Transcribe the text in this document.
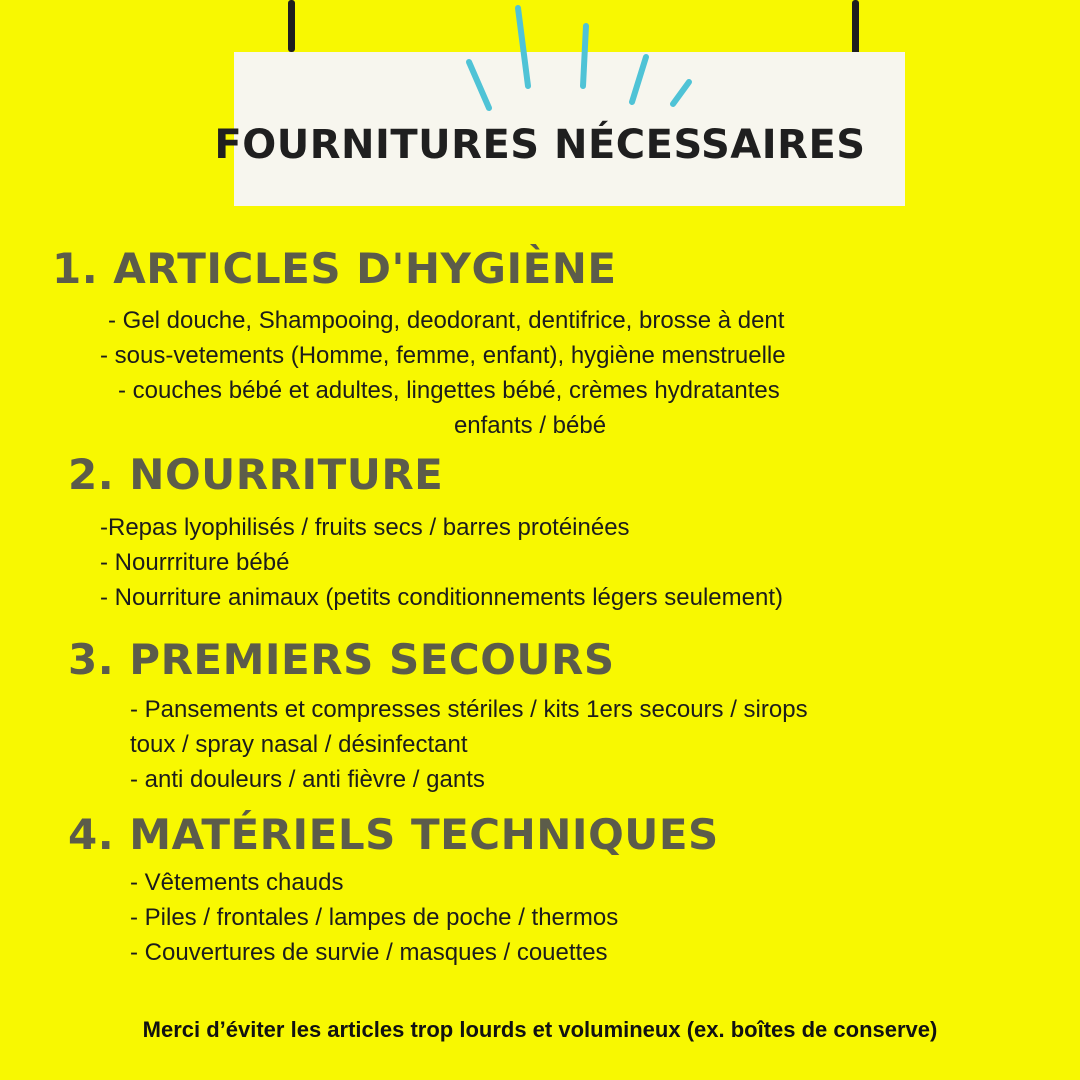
FOURNITURES NÉCESSAIRES
1. ARTICLES D'HYGIÈNE
- Gel douche, Shampooing, deodorant, dentifrice, brosse à dent
- sous-vetements (Homme, femme, enfant), hygiène menstruelle
- couches bébé et adultes, lingettes bébé, crèmes hydratantes
enfants / bébé
2. NOURRITURE
-Repas lyophilisés / fruits secs / barres protéinées
- Nourrriture bébé
- Nourriture animaux (petits conditionnements légers seulement)
3. PREMIERS SECOURS
- Pansements et compresses stériles / kits 1ers secours / sirops
toux / spray nasal / désinfectant
- anti douleurs / anti fièvre / gants
4. MATÉRIELS TECHNIQUES
- Vêtements chauds
- Piles / frontales / lampes de poche / thermos
- Couvertures de survie / masques / couettes
Merci d’éviter les articles trop lourds et volumineux (ex. boîtes de conserve)
